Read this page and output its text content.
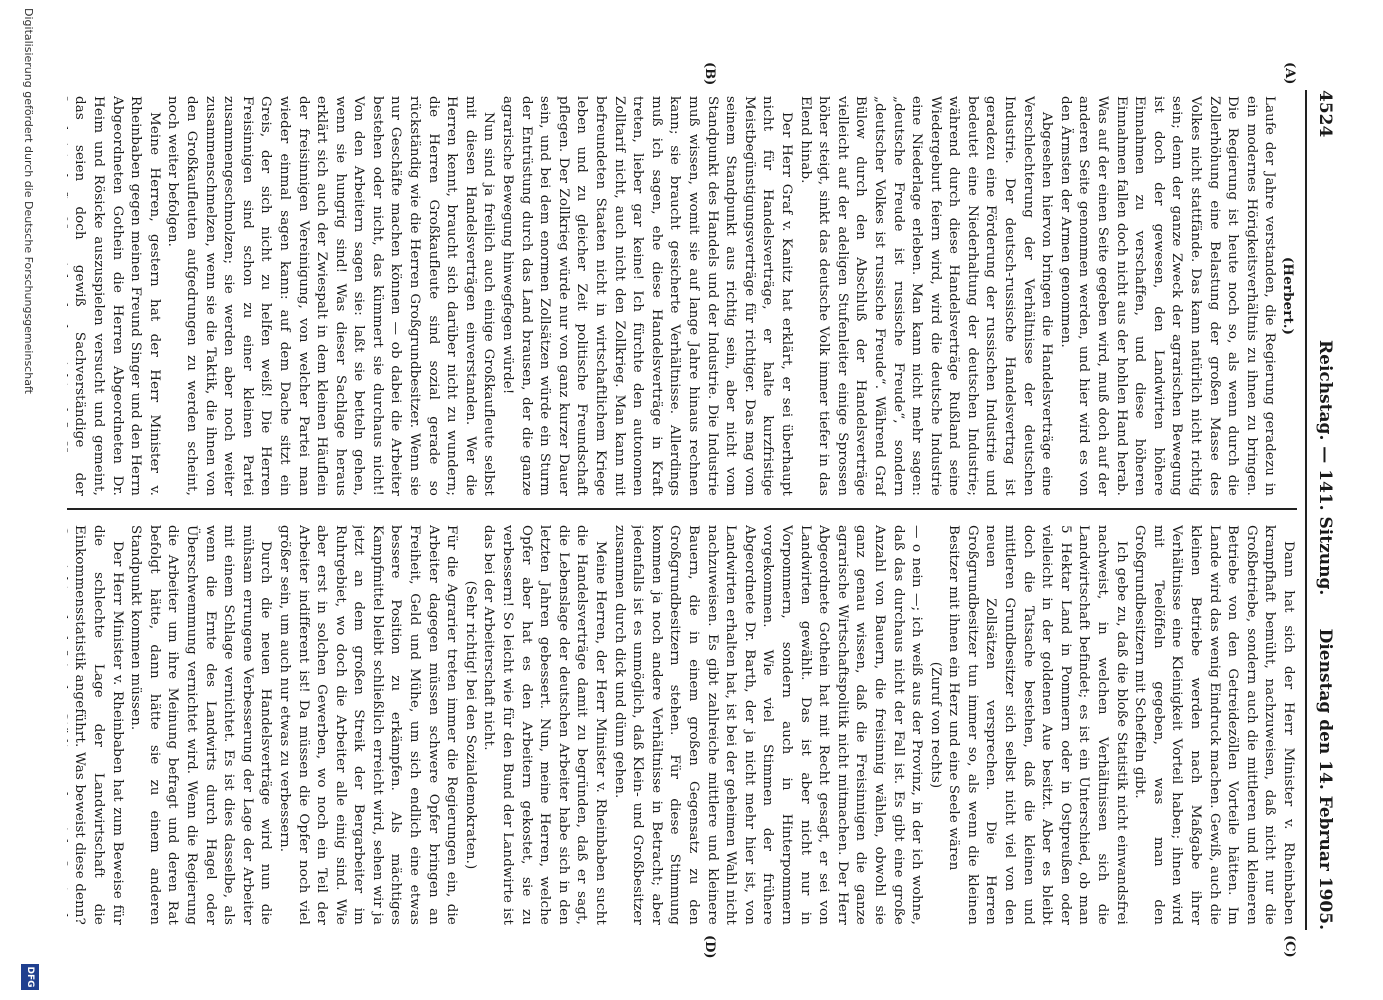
4524
Reichstag. — 141. Sitzung.
Dienstag den 14. Februar 1905.
(A)
(B)
(C)
(D)

(Herbert.)

Laufe der Jahre verstanden, die Regierung geradezu in ein modernes Hörigkeitsverhältnis zu ihnen zu bringen. Die Regierung ist heute noch so, als wenn durch die Zollerhöhung eine Belastung der großen Masse des Volkes nicht stattfände. Das kann natürlich nicht richtig sein; denn der ganze Zweck der agrarischen Bewegung ist doch der gewesen, den Landwirten höhere Einnahmen zu verschaffen, und diese höheren Einnahmen fallen doch nicht aus der hohlen Hand herab. Was auf der einen Seite gegeben wird, muß doch auf der anderen Seite genommen werden, und hier wird es von den Ärmsten der Armen genommen.

Abgesehen hiervon bringen die Handelsverträge eine Verschlechterung der Verhältnisse der deutschen Industrie. Der deutsch-russische Handelsvertrag ist geradezu eine Förderung der russischen Industrie und bedeutet eine Niederhaltung der deutschen Industrie; während durch diese Handelsverträge Rußland seine Wiedergeburt feiern wird, wird die deutsche Industrie eine Niederlage erleben. Man kann nicht mehr sagen: „deutsche Freude ist russische Freude“, sondern „deutscher Volkes ist russische Freude“. Während Graf Bülow durch den Abschluß der Handelsverträge vielleicht auf der adeligen Stufenleiter einige Sprossen höher steigt, sinkt das deutsche Volk immer tiefer in das Elend hinab.

Der Herr Graf v. Kanitz hat erklärt, er sei überhaupt nicht für Handelsverträge, er halte kurzfristige Meistbegünstigungsverträge für richtiger. Das mag vom seinem Standpunkt aus richtig sein, aber nicht vom Standpunkt des Handels und der Industrie. Die Industrie muß wissen, womit sie auf lange Jahre hinaus rechnen kann; sie braucht gesicherte Verhältnisse. Allerdings muß ich sagen, ehe diese Handelsverträge in Kraft treten, lieber gar keine! Ich fürchte den autonomen Zolltarif nicht, auch nicht den Zollkrieg. Man kann mit befreundeten Staaten nicht in wirtschaftlichem Kriege leben und zu gleicher Zeit politische Freundschaft pflegen. Der Zollkrieg würde nur von ganz kurzer Dauer sein, und bei dem enormen Zollsätzen würde ein Sturm der Entrüstung durch das Land brausen, der die ganze agrarische Bewegung hinwegfegen würde!

Nun sind ja freilich auch einige Großkaufleute selbst mit diesen Handelsverträgen einverstanden. Wer die Herren kennt, braucht sich darüber nicht zu wundern; die Herren Großkaufleute sind sozial gerade so rückständig wie die Herren Großgrundbesitzer. Wenn sie nur Geschäfte machen können — ob dabei die Arbeiter bestehen oder nicht, das kümmert sie durchaus nicht! Von den Arbeitern sagen sie: laßt sie betteln gehen, wenn sie hungrig sind! Was dieser Sachlage heraus erklärt sich auch der Zwiespalt in dem kleinen Häuflein der freisinnigen Vereinigung, von welcher Partei man wieder einmal sagen kann: auf dem Dache sitzt ein Greis, der sich nicht zu helfen weiß! Die Herren Freisinnigen sind schon zu einer kleinen Partei zusammengeschmolzen; sie werden aber noch weiter zusammenschmelzen, wenn sie die Taktik, die ihnen von den Großkaufleuten aufgedrungen zu werden scheint, noch weiter befolgen.

Meine Herren, gestern hat der Herr Minister v. Rheinbaben gegen meinen Freund Singer und den Herrn Abgeordneten Gothein die Herren Abgeordneten Dr. Heim und Rösicke auszuspielen versucht und gemeint, das seien doch gewiß Sachverständige der

Dann hat sich der Herr Minister v. Rheinbaben krampfhaft bemüht, nachzuweisen, daß nicht nur die Großbetriebe, sondern auch die mittleren und kleineren Betriebe von den Getreidezöllen Vorteile hätten. Im Lande wird das wenig Eindruck machen. Gewiß, auch die kleinen Betriebe werden nach Maßgabe ihrer Verhältnisse eine Kleinigkeit Vorteil haben; ihnen wird mit Teelöffeln gegeben, was man den Großgrundbesitzern mit Scheffeln gibt.

Ich gebe zu, daß die bloße Statistik nicht einwandsfrei nachweist, in welchen Verhältnissen sich die Landwirtschaft befindet; es ist ein Unterschied, ob man 5 Hektar Land in Pommern oder in Ostpreußen oder vielleicht in der goldenen Aue besitzt. Aber es bleibt doch die Tatsache bestehen, daß die kleinen und mittleren Grundbesitzer sich selbst nicht viel von den neuen Zollsätzen versprechen. Die Herren Großgrundbesitzer tun immer so, als wenn die kleinen Besitzer mit ihnen ein Herz und eine Seele wären

(Zuruf von rechts)

— o nein —; ich weiß aus der Provinz, in der ich wohne, daß das durchaus nicht der Fall ist. Es gibt eine große Anzahl von Bauern, die freisinnig wählen, obwohl sie ganz genau wissen, daß die Freisinnigen die ganze agrarische Wirtschaftspolitik nicht mitmachen. Der Herr Abgeordnete Gothein hat mit Recht gesagt, er sei von Landwirten gewählt. Das ist aber nicht nur in Vorpommern, sondern auch in Hinterpommern vorgekommen. Wie viel Stimmen der frühere Abgeordnete Dr. Barth, der ja nicht mehr hier ist, von Landwirten erhalten hat, ist bei der geheimen Wahl nicht nachzuweisen. Es gibt zahlreiche mittlere und kleinere Bauern, die in einem großen Gegensatz zu den Großgrundbesitzern stehen. Für diese Stimmung kommen ja noch andere Verhältnisse in Betracht; aber jedenfalls ist es unmöglich, daß Klein- und Großbesitzer zusammen durch dick und dünn gehen.

Meine Herren, der Herr Minister v. Rheinbaben sucht die Handelsverträge damit zu begründen, daß er sagt, die Lebenslage der deutschen Arbeiter habe sich in den letzten Jahren gebessert. Nun, meine Herren, welche Opfer aber hat es den Arbeitern gekostet, sie zu verbessern! So leicht wie für den Bund der Landwirte ist das bei der Arbeiterschaft nicht.

(Sehr richtig! bei den Sozialdemokraten.)

Für die Agrarier treten immer die Regierungen ein, die Arbeiter dagegen müssen schwere Opfer bringen an Freiheit, Geld und Mühe, um sich endlich eine etwas bessere Position zu erkämpfen. Als mächtiges Kampfmittel bleibt schließlich erreicht wird, sehen wir ja jetzt an dem großen Streik der Bergarbeiter im Ruhrgebiet, wo doch die Arbeiter alle einig sind. Wie aber erst in solchen Gewerben, wo noch ein Teil der Arbeiter indifferent ist! Da müssen die Opfer noch viel größer sein, um auch nur etwas zu verbessern.

Durch die neuen Handelsverträge wird nun die mühsam errungene Verbesserung der Lage der Arbeiter mit einem Schlage vernichtet. Es ist dies dasselbe, als wenn die Ernte des Landwirts durch Hagel oder Überschwemmung vernichtet wird. Wenn die Regierung die Arbeiter um ihre Meinung befragt und deren Rat befolgt hätte, dann hätte sie zu einem anderen Standpunkt kommen müssen.

Der Herr Minister v. Rheinbaben hat zum Beweise für die schlechte Lage der Landwirtschaft die Einkommensstatistik angeführt. Was beweist diese denn?

Digitalisierung gefördert durch die Deutsche Forschungsgemeinschaft
DFG
